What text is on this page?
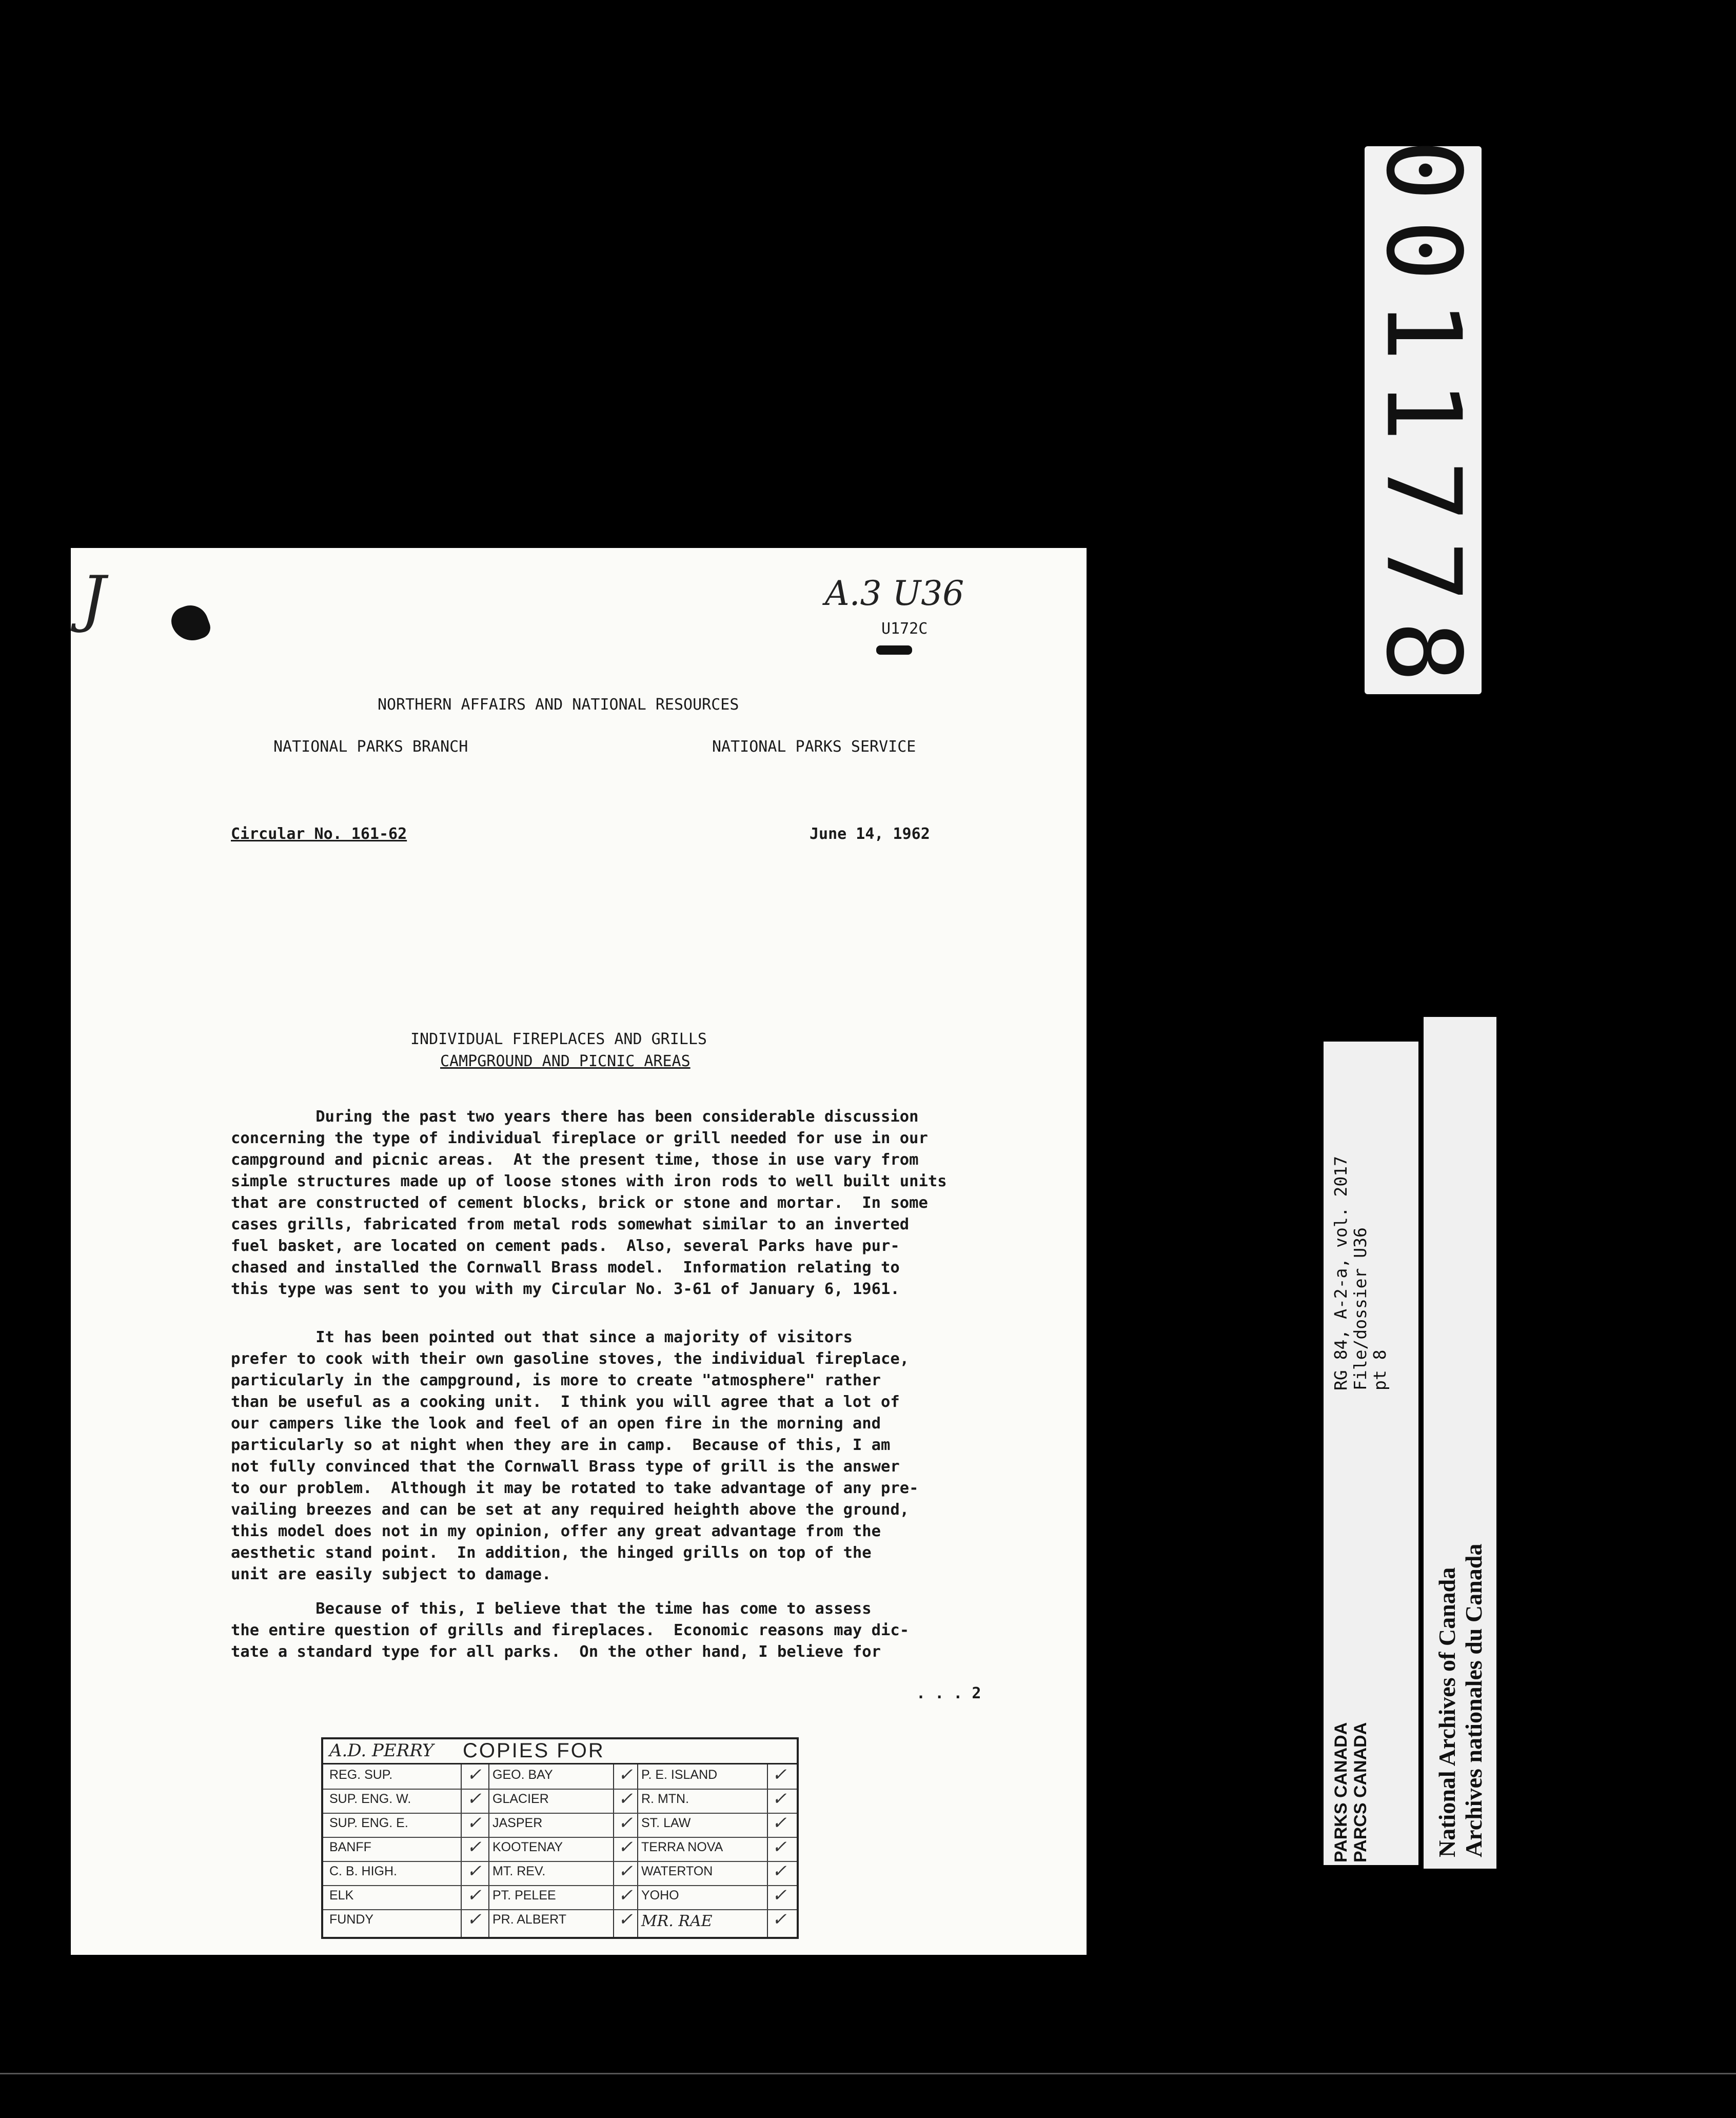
0011778
PARKS CANADA
PARCS CANADA
RG 84, A-2-a, vol. 2017
File/dossier U36
pt 8
National Archives of Canada
Archives nationales du Canada
J	A.3 U36
U172C
NORTHERN AFFAIRS AND NATIONAL RESOURCES
NATIONAL PARKS BRANCH	NATIONAL PARKS SERVICE
Circular No. 161-62	June 14, 1962
INDIVIDUAL FIREPLACES AND GRILLS
CAMPGROUND AND PICNIC AREAS
During the past two years there has been considerable discussion
concerning the type of individual fireplace or grill needed for use in our
campground and picnic areas.  At the present time, those in use vary from
simple structures made up of loose stones with iron rods to well built units
that are constructed of cement blocks, brick or stone and mortar.  In some
cases grills, fabricated from metal rods somewhat similar to an inverted
fuel basket, are located on cement pads.  Also, several Parks have pur-
chased and installed the Cornwall Brass model.  Information relating to
this type was sent to you with my Circular No. 3-61 of January 6, 1961.
It has been pointed out that since a majority of visitors
prefer to cook with their own gasoline stoves, the individual fireplace,
particularly in the campground, is more to create "atmosphere" rather
than be useful as a cooking unit.  I think you will agree that a lot of
our campers like the look and feel of an open fire in the morning and
particularly so at night when they are in camp.  Because of this, I am
not fully convinced that the Cornwall Brass type of grill is the answer
to our problem.  Although it may be rotated to take advantage of any pre-
vailing breezes and can be set at any required heighth above the ground,
this model does not in my opinion, offer any great advantage from the
aesthetic stand point.  In addition, the hinged grills on top of the
unit are easily subject to damage.
Because of this, I believe that the time has come to assess
the entire question of grills and fireplaces.  Economic reasons may dic-
tate a standard type for all parks.  On the other hand, I believe for
. . . 2
A.D. PERRY COPIES FOR
REG. SUP.	✓ GEO. BAY	✓ P. E. ISLAND	✓
SUP. ENG. W.	✓ GLACIER	✓ R. MTN.	✓
SUP. ENG. E.	✓ JASPER	✓ ST. LAW	✓
BANFF	✓ KOOTENAY	✓ TERRA NOVA	✓
C. B. HIGH.	✓ MT. REV.	✓ WATERTON	✓
ELK	✓ PT. PELEE	✓ YOHO	✓
FUNDY	✓ PR. ALBERT	✓ MR. RAE	✓
